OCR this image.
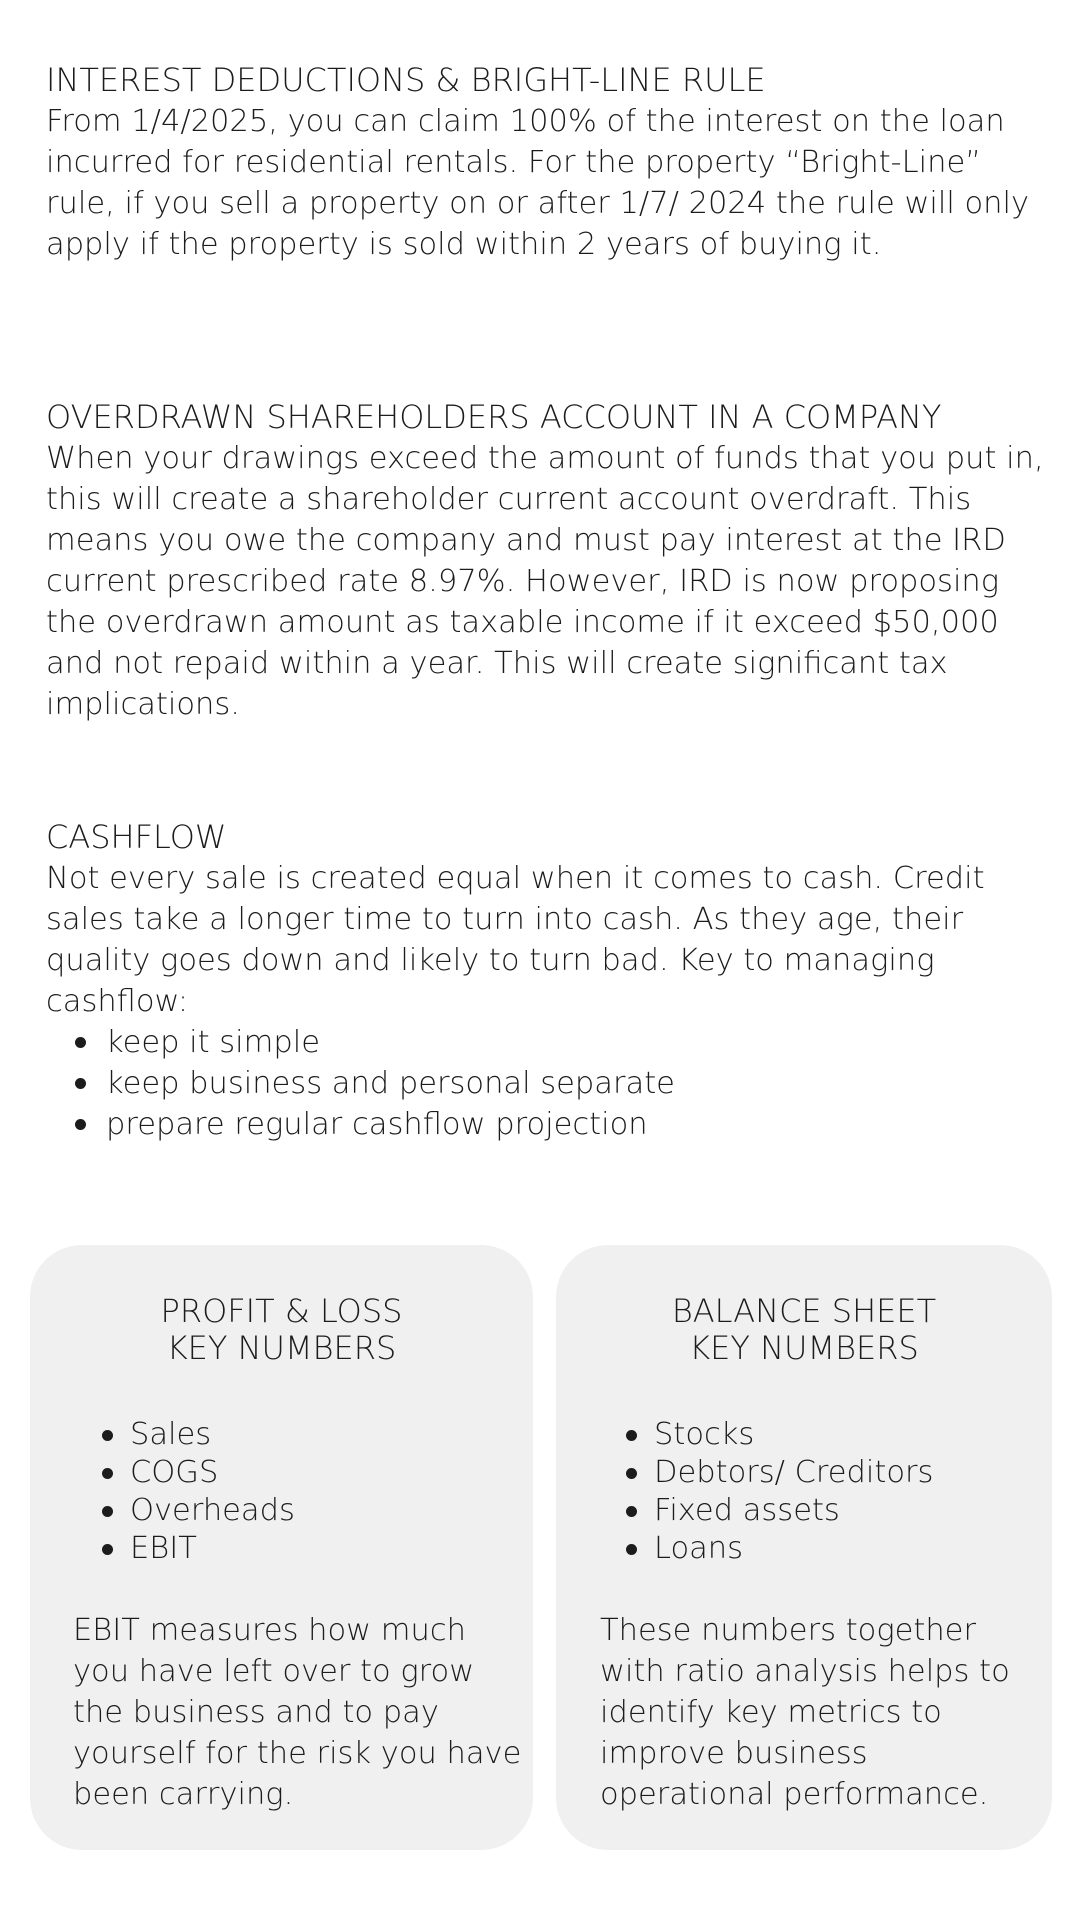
INTEREST DEDUCTIONS & BRIGHT-LINE RULE

From 1/4/2025, you can claim 100% of the interest on the loan incurred for residential rentals. For the property “Bright-Line” rule, if you sell a property on or after 1/7/ 2024 the rule will only apply if the property is sold within 2 years of buying it.

OVERDRAWN SHAREHOLDERS ACCOUNT IN A COMPANY

When your drawings exceed the amount of funds that you put in, this will create a shareholder current account overdraft. This means you owe the company and must pay interest at the IRD current prescribed rate 8.97%. However, IRD is now proposing the overdrawn amount as taxable income if it exceed $50,000 and not repaid within a year. This will create significant tax implications.

CASHFLOW

Not every sale is created equal when it comes to cash. Credit sales take a longer time to turn into cash. As they age, their quality goes down and likely to turn bad. Key to managing cashflow:

keep it simple
keep business and personal separate
prepare regular cashflow projection
PROFIT & LOSS
KEY NUMBERS
Sales
COGS
Overheads
EBIT

EBIT measures how much you have left over to grow the business and to pay yourself for the risk you have been carrying.

BALANCE SHEET
KEY NUMBERS
Stocks
Debtors/ Creditors
Fixed assets
Loans

These numbers together with ratio analysis helps to identify key metrics to improve business operational performance.
